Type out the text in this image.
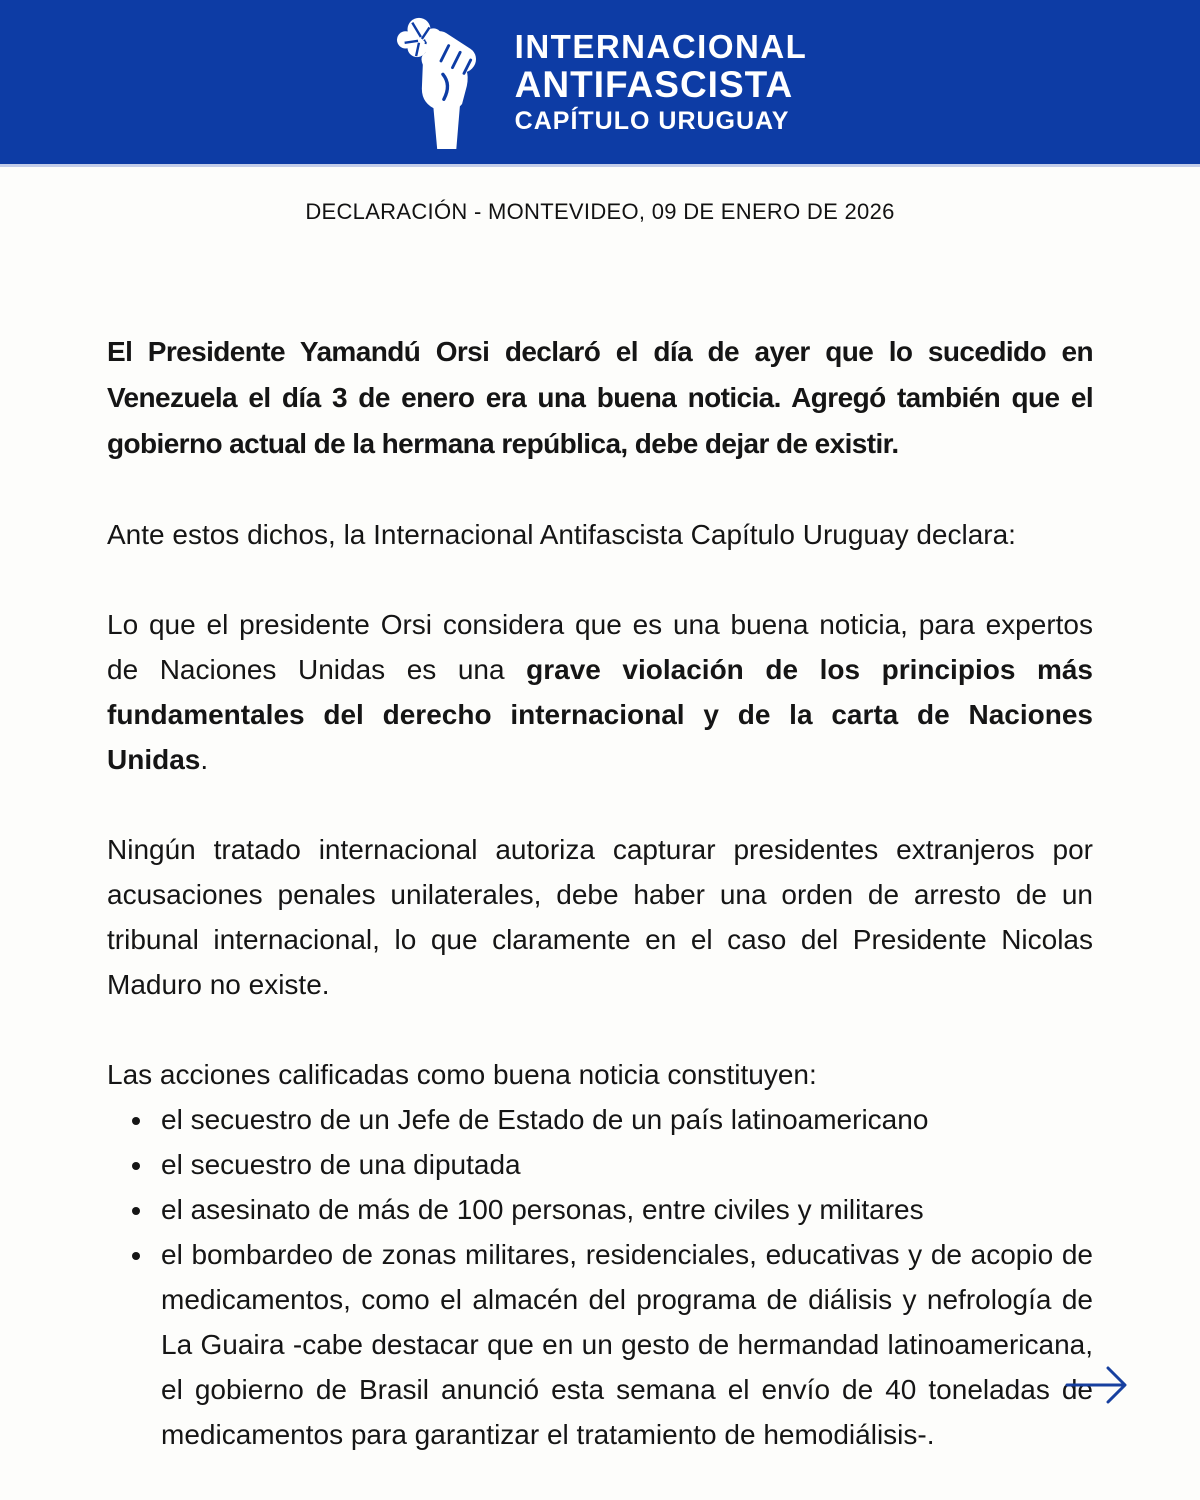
INTERNACIONAL
ANTIFASCISTA
CAPÍTULO URUGUAY
DECLARACIÓN - MONTEVIDEO, 09 DE ENERO DE 2026

El Presidente Yamandú Orsi declaró el día de ayer que lo sucedido en Venezuela el día 3 de enero era una buena noticia. Agregó también que el gobierno actual de la hermana república, debe dejar de existir.

Ante estos dichos, la Internacional Antifascista Capítulo Uruguay declara:

Lo que el presidente Orsi considera que es una buena noticia, para expertos de Naciones Unidas es una grave violación de los principios más fundamentales del derecho internacional y de la carta de Naciones Unidas.

Ningún tratado internacional autoriza capturar presidentes extranjeros por acusaciones penales unilaterales, debe haber una orden de arresto de un tribunal internacional, lo que claramente en el caso del Presidente Nicolas Maduro no existe.

Las acciones calificadas como buena noticia constituyen:

• el secuestro de un Jefe de Estado de un país latinoamericano
• el secuestro de una diputada
• el asesinato de más de 100 personas, entre civiles y militares
• el bombardeo de zonas militares, residenciales, educativas y de acopio de medicamentos, como el almacén del programa de diálisis y nefrología de La Guaira -cabe destacar que en un gesto de hermandad latinoamericana, el gobierno de Brasil anunció esta semana el envío de 40 toneladas de medicamentos para garantizar el tratamiento de hemodiálisis-.
